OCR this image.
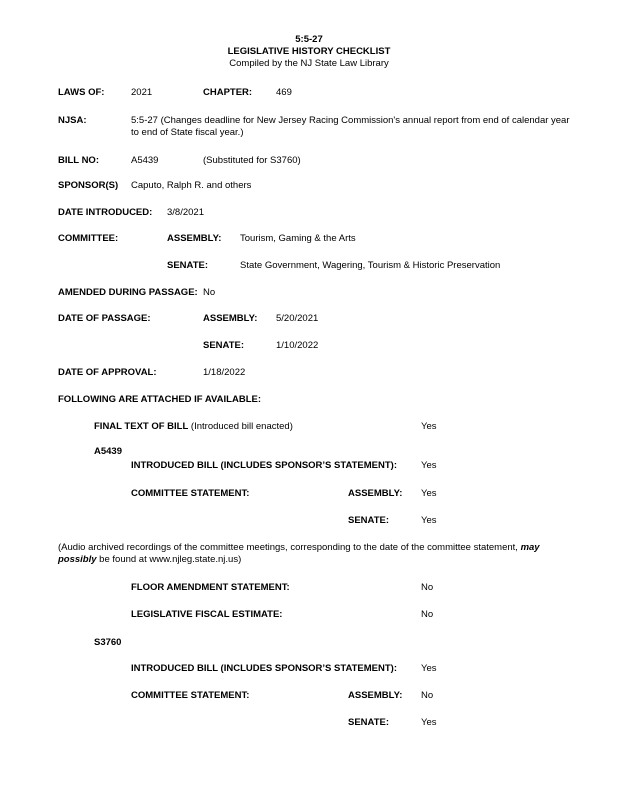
5:5-27
LEGISLATIVE HISTORY CHECKLIST
Compiled by the NJ State Law Library
LAWS OF:	2021	CHAPTER:	469
NJSA:	5:5-27 (Changes deadline for New Jersey Racing Commission's annual report from end of calendar year
to end of State fiscal year.)
BILL NO:	A5439	(Substituted for S3760)
SPONSOR(S) Caputo, Ralph R. and others
DATE INTRODUCED: 3/8/2021
COMMITTEE:	ASSEMBLY: Tourism, Gaming & the Arts
SENATE:	State Government, Wagering, Tourism & Historic Preservation
AMENDED DURING PASSAGE: No
DATE OF PASSAGE:	ASSEMBLY: 5/20/2021
SENATE:	1/10/2022
DATE OF APPROVAL:	1/18/2022
FOLLOWING ARE ATTACHED IF AVAILABLE:
FINAL TEXT OF BILL (Introduced bill enacted)	Yes
A5439
INTRODUCED BILL (INCLUDES SPONSOR’S STATEMENT):	Yes
COMMITTEE STATEMENT:	ASSEMBLY: Yes
SENATE:	Yes
(Audio archived recordings of the committee meetings, corresponding to the date of the committee statement, may
possibly be found at www.njleg.state.nj.us)
FLOOR AMENDMENT STATEMENT:	No
LEGISLATIVE FISCAL ESTIMATE:	No
S3760
INTRODUCED BILL (INCLUDES SPONSOR’S STATEMENT):	Yes
COMMITTEE STATEMENT:	ASSEMBLY: No
SENATE:	Yes
